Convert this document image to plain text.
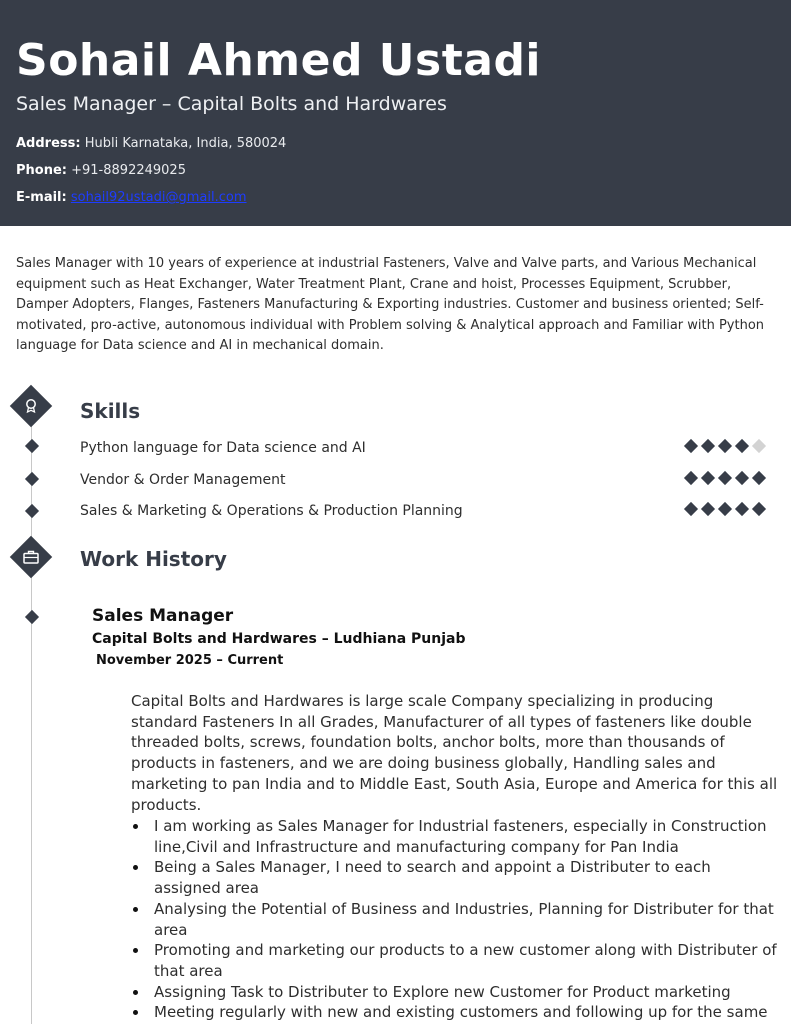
Sohail Ahmed Ustadi
Sales Manager – Capital Bolts and Hardwares
Address: Hubli Karnataka, India, 580024
Phone: +91-8892249025
E-mail: sohail92ustadi@gmail.com
Sales Manager with 10 years of experience at industrial Fasteners, Valve and Valve parts, and Various Mechanical equipment such as Heat Exchanger, Water Treatment Plant, Crane and hoist, Processes Equipment, Scrubber, Damper Adopters, Flanges, Fasteners Manufacturing & Exporting industries. Customer and business oriented; Self-motivated, pro-active, autonomous individual with Problem solving & Analytical approach and Familiar with Python language for Data science and AI in mechanical domain.
Skills
Python language for Data science and AI
Vendor & Order Management
Sales & Marketing & Operations & Production Planning
Work History
Sales Manager
Capital Bolts and Hardwares – Ludhiana Punjab
November 2025 – Current
Capital Bolts and Hardwares is large scale Company specializing in producing standard Fasteners In all Grades, Manufacturer of all types of fasteners like double threaded bolts, screws, foundation bolts, anchor bolts, more than thousands of products in fasteners, and we are doing business globally, Handling sales and marketing to pan India and to Middle East, South Asia, Europe and America for this all products.
I am working as Sales Manager for Industrial fasteners, especially in Construction line,Civil and Infrastructure and manufacturing company for Pan India
Being a Sales Manager, I need to search and appoint a Distributer to each assigned area
Analysing the Potential of Business and Industries, Planning for Distributer for that area
Promoting and marketing our products to a new customer along with Distributer of that area
Assigning Task to Distributer to Explore new Customer for Product marketing
Meeting regularly with new and existing customers and following up for the same
